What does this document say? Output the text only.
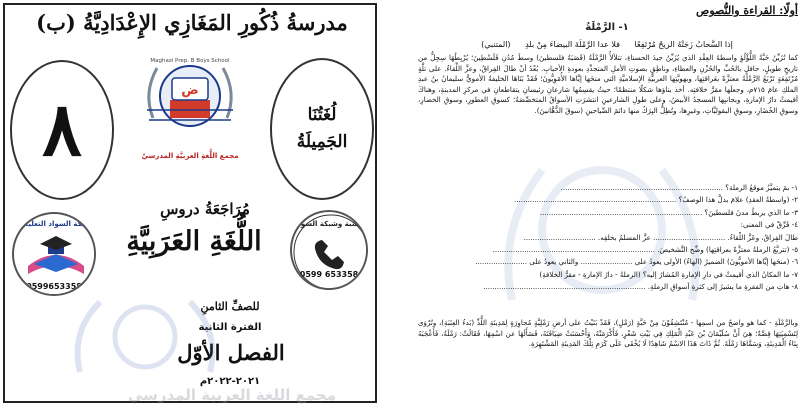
مدرسةُ ذُكُورِ المَغَازِي الإِعْدَادِيَّةُ (ب)
٨	لُغَتُنَا
الجَمِيلَةُ
ض
Maghazi Prep. B Boys School
مجمع اللُّغةِ العربيَّةِ المدرسيّ
شبكة السواد التعليمية
0599653358
مكتبة وشبكة السواد
0599 653358
مُرَاجَعَةُ دروسِ
اللُّغَةِ العَرَبِيَّةِ
للصفِّ الثامنِ
الفترة الثانية
الفصل الأوّل
٢٠٢١-٢٠٢٢م
مجمع اللغة العربية المدرسي
أولًا: القراءة والنُّصوص
١- الرَّمْلَةُ
إذا السَّحابُ زَجَتْهُ الريحُ مُرْتَفِعًا فلا عدا الرَّمْلَةَ البيضاءَ مِنْ بلدِ (المتنبي)
كما تُزَيِّنُ حَبَّةُ اللُّؤْلُؤِ واسطةَ العِقْدِ الذي يُزَيِّنُ جيدَ الحسناءِ، تتلألأُ الرَّمْلَةُ (قَصَبَةُ فلسطينَ) وسطَ مُدُنِ فَلَسْطِينَ؛ يُرْبِطُهَا سِجِلٌّ من تاريخٍ طويلٍ، حافلٍ بالحُبِّ والحُزْنِ والعطاءِ، وناطِقٍ بصوتِ الأملِ المتجدِّدِ بعودةِ الأحبابِ. بُعْدُ أنْ طالَ الفِراقُ، وعزَّ اللِّقاءُ. على تلَّةٍ مُرْتَفِعَةٍ تَرْبَعُ الرَّمْلَةُ معتزَّةً بعَراقتِها، وبهويَّتِها العربيَّةِ الإسلاميَّةِ التي منحَها إيَّاها الأُمَوِيُّونَ؛ فَقَدْ بَنَاهَا الخليفةُ الأمويُّ سليمانُ بنُ عبدِ الملكِ عامَ ٧١٥م، وجعلَها مقرَّ خلافتِه. أخذ بناؤها شكلًا منتظمًا؛ حيثُ يقسِمُها شارعانِ رئيسانِ يتقاطعانِ في مركزِ المدينةِ، وهناكَ أقيمتْ دارُ الإمارةِ، وبجانبِها المسجدُ الأبيضُ، وعلى طولِ الشارعينِ انتشرَتِ الأسواقُ المتخصِّصَةُ؛ كسوقِ العطورِ، وسوقِ الخضارِ، وسوقِ الخُضَارِ، وسوقِ البقوليَّاتِ، وغيرِها، وتُطِلُّ البِرَكُ منها دائمَ الصِّياحينِ (سوقَ الدُّهَّانينَ).
١- بمَ يتميَّزُ موقعُ الرملة؟ ........................................................................
٢- (واسطةُ العقدِ) علامَ يدلُّ هذا الوصفُ؟ ........................................................................
٣- ما الذي يربطُ مدنَ فلسطينَ؟ ........................................................................
٤- فَرِّقْ في المعنى:
طالَ الفِراقُ، وعَزَّ اللِّقاءُ. ................................ عزَّ المسلمُ بخلقِه. ................................
٥- (تتربَّعُ الرملةُ معتزَّةً بعراقتِها) وضِّح التَّشخيصَ. ........................................................................
٦- (منحَها إيَّاها الأمويُّونَ) الضميرُ (الهاءُ) الأولى يعودُ على ....................... والثاني يعودُ على .......................
٧- ما المكانُ الذي أُقيمتْ في دارِ الإمارةِ المُشارُ إليه؟ (الرملةُ - دارُ الإمارةِ - مقرُّ الخلافةِ)
٨- هاتِ من الفقرةِ ما يشيرُ إلى كثرةِ أسواقِ الرملةِ. ........................................................................
وبالرَّمْلَةِ - كما هو واضحٌ من اسمِها - مُنْتَشِقُوْنَ مِنْ حَبَّةٍ (رَمْلٍ)، فَقَدْ بَنَيْتُ على أرضِ رَمْلِيَّةٍ مُجاوِرَةٍ لِمَدِينَةِ اللُّدِّ (بَدءُ العِنَبَةِ)، وتُرْوَى لِتَسْمِيَتِهَا قِصَّةٌ؛ هِيَ أَنَّ سُلَيْمَانَ بْنَ عَبْدِ الْمَلِكِ فِي بَيْتِ شَعْرٍ، فَأَكْرَمَتْهُ، وَأَحْسَنَتْ ضِيَافَتَهُ، فَسَأَلَهَا عن اسْمِهَا، فَقَالَتْ: رَمْلَةُ، فَأَعْجَبَهُ بِنَاءُ الْمَدِينَةِ، وَسَمَّاهَا رَمْلَةَ. ثُمَّ ذَاتَ هَذَا الاسْمُ شَاهِدًا لَا يُخْفَى عَلَى كَرَمِ تِلْكَ المَدِينَةِ المَشْتَهِرَةِ.
